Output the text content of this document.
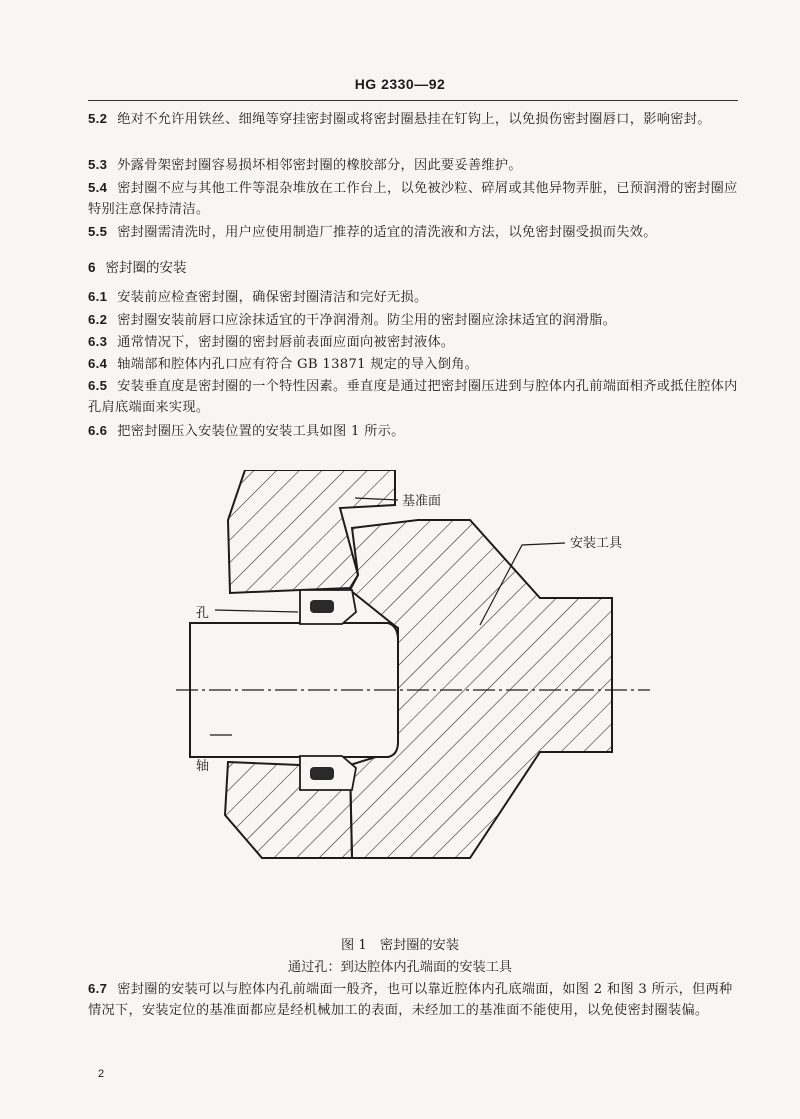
HG 2330—92
5.2 绝对不允许用铁丝、细绳等穿挂密封圈或将密封圈悬挂在钉钩上，以免损伤密封圈唇口，影响密封。
5.3 外露骨架密封圈容易损坏相邻密封圈的橡胶部分，因此要妥善维护。
5.4 密封圈不应与其他工件等混杂堆放在工作台上，以免被沙粒、碎屑或其他异物弄脏，已预润滑的密封圈应特别注意保持清洁。
5.5 密封圈需清洗时，用户应使用制造厂推荐的适宜的清洗液和方法，以免密封圈受损而失效。
6 密封圈的安装
6.1 安装前应检查密封圈，确保密封圈清洁和完好无损。
6.2 密封圈安装前唇口应涂抹适宜的干净润滑剂。防尘用的密封圈应涂抹适宜的润滑脂。
6.3 通常情况下，密封圈的密封唇前表面应面向被密封液体。
6.4 轴端部和腔体内孔口应有符合 GB 13871 规定的导入倒角。
6.5 安装垂直度是密封圈的一个特性因素。垂直度是通过把密封圈压进到与腔体内孔前端面相齐或抵住腔体内孔肩底端面来实现。
6.6 把密封圈压入安装位置的安装工具如图 1 所示。
基准面
安装工具
孔
轴
图 1　密封圈的安装
通过孔：到达腔体内孔端面的安装工具
6.7 密封圈的安装可以与腔体内孔前端面一般齐，也可以靠近腔体内孔底端面，如图 2 和图 3 所示，但两种情况下，安装定位的基准面都应是经机械加工的表面，未经加工的基准面不能使用，以免使密封圈装偏。
2
